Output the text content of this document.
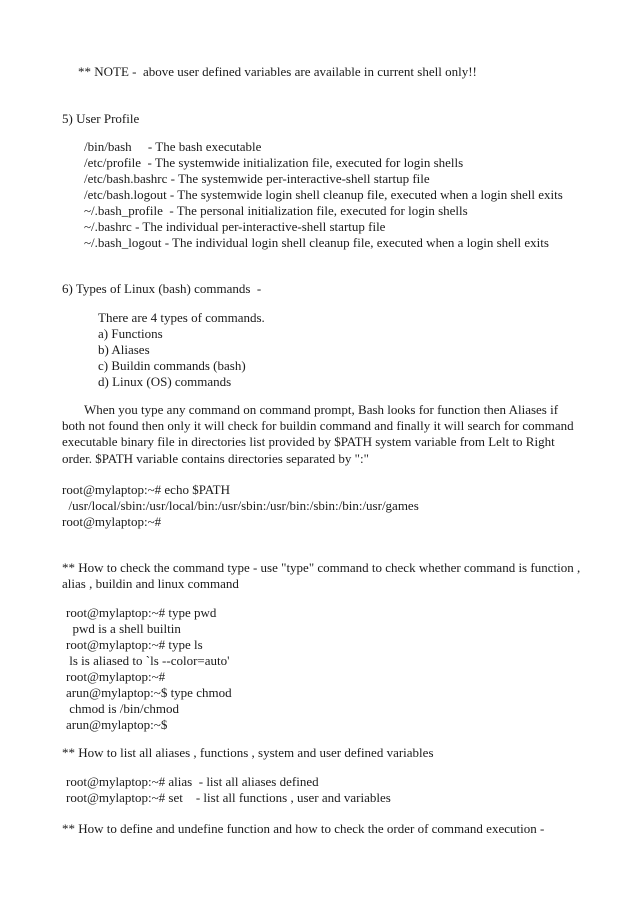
** NOTE -  above user defined variables are available in current shell only!!
5) User Profile
/bin/bash     - The bash executable
/etc/profile  - The systemwide initialization file, executed for login shells
/etc/bash.bashrc - The systemwide per-interactive-shell startup file
/etc/bash.logout - The systemwide login shell cleanup file, executed when a login shell exits
~/.bash_profile  - The personal initialization file, executed for login shells
~/.bashrc - The individual per-interactive-shell startup file
~/.bash_logout - The individual login shell cleanup file, executed when a login shell exits
6) Types of Linux (bash) commands  -
There are 4 types of commands.
a) Functions
b) Aliases
c) Buildin commands (bash)
d) Linux (OS) commands
When you type any command on command prompt, Bash looks for function then Aliases if both not found then only it will check for buildin command and finally it will search for command executable binary file in directories list provided by $PATH system variable from Lelt to Right order. $PATH variable contains directories separated by ":"
root@mylaptop:~# echo $PATH
/usr/local/sbin:/usr/local/bin:/usr/sbin:/usr/bin:/sbin:/bin:/usr/games
root@mylaptop:~#
** How to check the command type - use "type" command to check whether command is function , alias , buildin and linux command
root@mylaptop:~# type pwd
pwd is a shell builtin
root@mylaptop:~# type ls
ls is aliased to `ls --color=auto'
root@mylaptop:~#
arun@mylaptop:~$ type chmod
chmod is /bin/chmod
arun@mylaptop:~$
** How to list all aliases , functions , system and user defined variables
root@mylaptop:~# alias  - list all aliases defined
root@mylaptop:~# set    - list all functions , user and variables
** How to define and undefine function and how to check the order of command execution -
